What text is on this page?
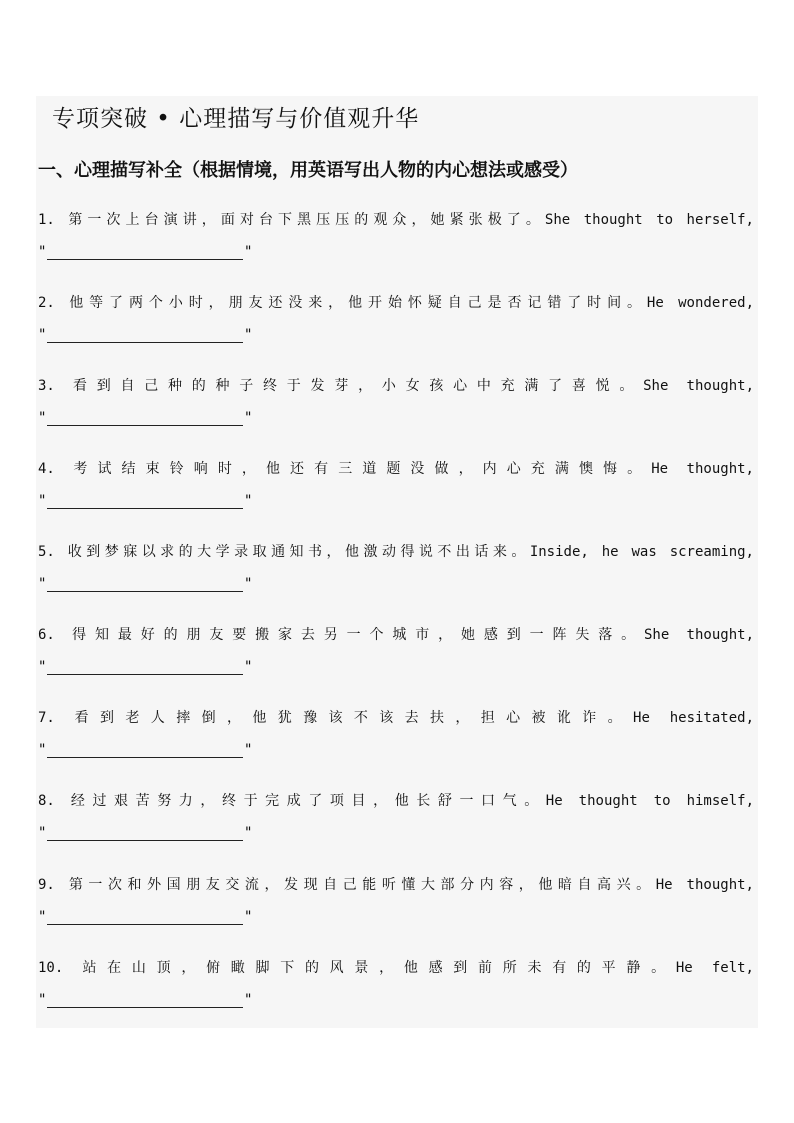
专项突破 • 心理描写与价值观升华
一、心理描写补全（根据情境，用英语写出人物的内心想法或感受）
1. 第一次上台演讲，面对台下黑压压的观众，她紧张极了。She thought to herself,
"	"
2. 他等了两个小时，朋友还没来，他开始怀疑自己是否记错了时间。He wondered,
"	"
3. 看到自己种的种子终于发芽，小女孩心中充满了喜悦。She thought,
"	"
4. 考试结束铃响时，他还有三道题没做，内心充满懊悔。He thought,
"	"
5. 收到梦寐以求的大学录取通知书，他激动得说不出话来。Inside, he was screaming,
"	"
6. 得知最好的朋友要搬家去另一个城市，她感到一阵失落。She thought,
"	"
7. 看到老人摔倒，他犹豫该不该去扶，担心被讹诈。He hesitated,
"	"
8. 经过艰苦努力，终于完成了项目，他长舒一口气。He thought to himself,
"	"
9. 第一次和外国朋友交流，发现自己能听懂大部分内容，他暗自高兴。He thought,
"	"
10. 站在山顶，俯瞰脚下的风景，他感到前所未有的平静。He felt,
"	"
